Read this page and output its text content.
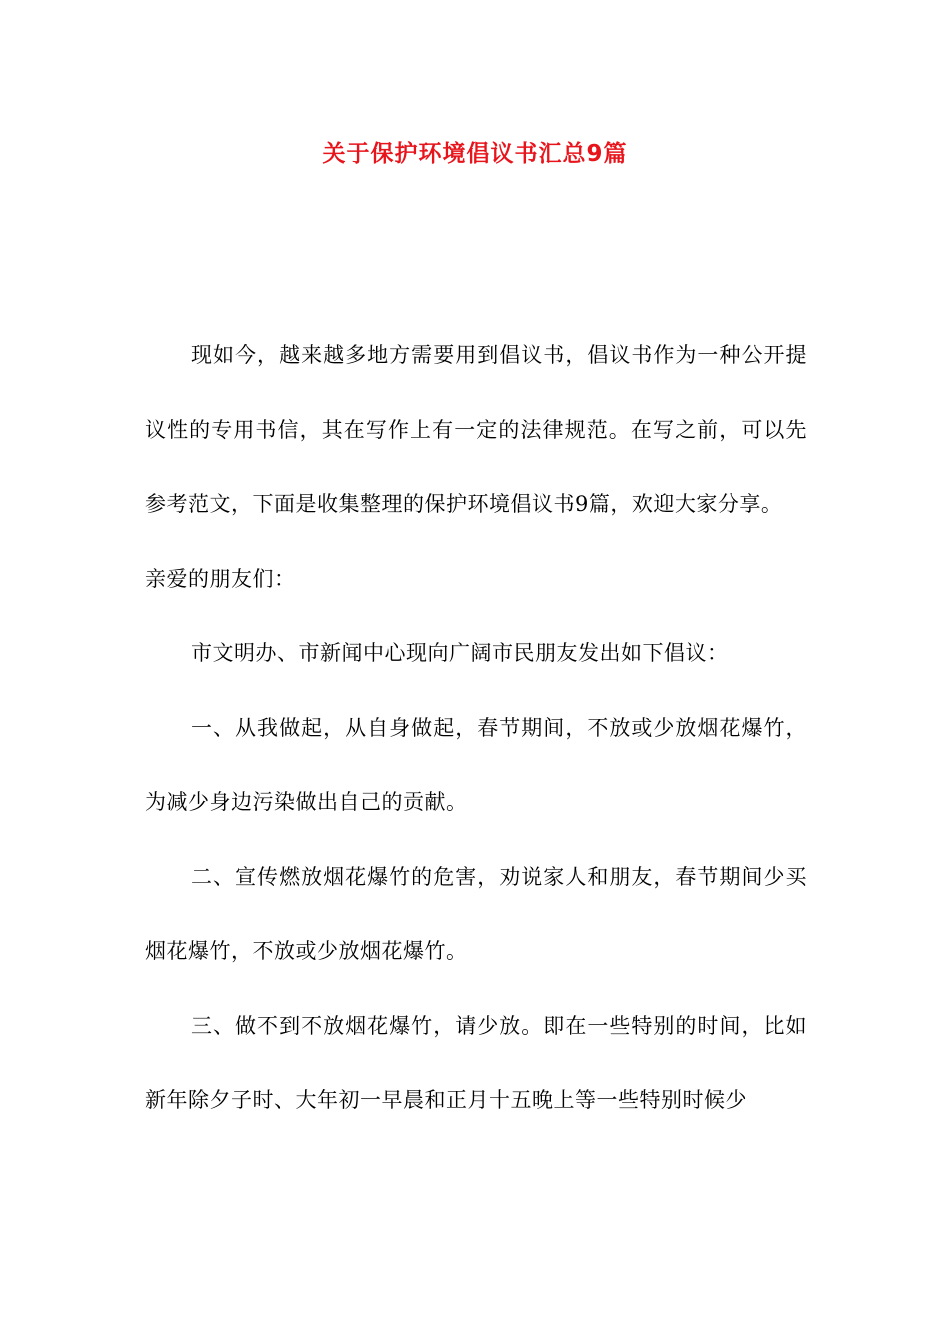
关于保护环境倡议书汇总9篇

现如今，越来越多地方需要用到倡议书，倡议书作为一种公开提议性的专用书信，其在写作上有一定的法律规范。在写之前，可以先参考范文，下面是收集整理的保护环境倡议书9篇，欢迎大家分享。

亲爱的朋友们：

市文明办、市新闻中心现向广阔市民朋友发出如下倡议：

一、从我做起，从自身做起，春节期间，不放或少放烟花爆竹，为减少身边污染做出自己的贡献。

二、宣传燃放烟花爆竹的危害，劝说家人和朋友，春节期间少买烟花爆竹，不放或少放烟花爆竹。

三、做不到不放烟花爆竹，请少放。即在一些特别的时间，比如新年除夕子时、大年初一早晨和正月十五晚上等一些特别时候少
